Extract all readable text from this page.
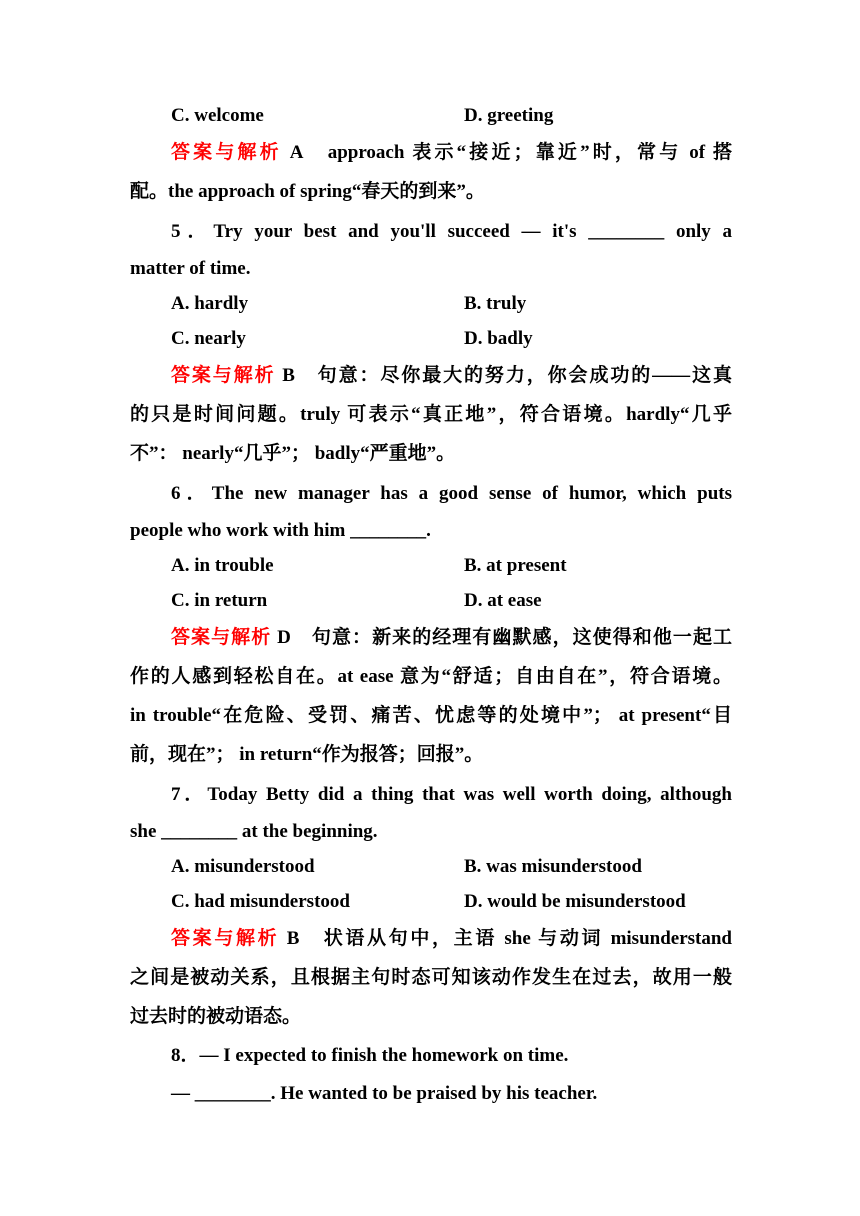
C. welcome	D. greeting
答案与解析 A　approach 表示“接近；靠近”时，常与 of 搭
配。the approach of spring“春天的到来”。
5．Try your best and you'll succeed — it's ________ only a
matter of time.
A. hardly	B. truly
C. nearly	D. badly
答案与解析 B　句意：尽你最大的努力，你会成功的——这真
的只是时间问题。truly 可表示“真正地”，符合语境。hardly“几乎
不”： nearly“几乎”； badly“严重地”。
6．The new manager has a good sense of humor, which puts
people who work with him ________.
A. in trouble	B. at present
C. in return	D. at ease
答案与解析 D　句意：新来的经理有幽默感，这使得和他一起工
作的人感到轻松自在。at ease 意为“舒适；自由自在”，符合语境。
in trouble“在危险、受罚、痛苦、忧虑等的处境中”； at present“目
前，现在”； in return“作为报答；回报”。
7．Today Betty did a thing that was well worth doing, although
she ________ at the beginning.
A. misunderstood	B. was misunderstood
C. had misunderstood	D. would be misunderstood
答案与解析 B　状语从句中，主语 she 与动词 misunderstand
之间是被动关系，且根据主句时态可知该动作发生在过去，故用一般
过去时的被动语态。
8．— I expected to finish the homework on time.
— ________. He wanted to be praised by his teacher.
